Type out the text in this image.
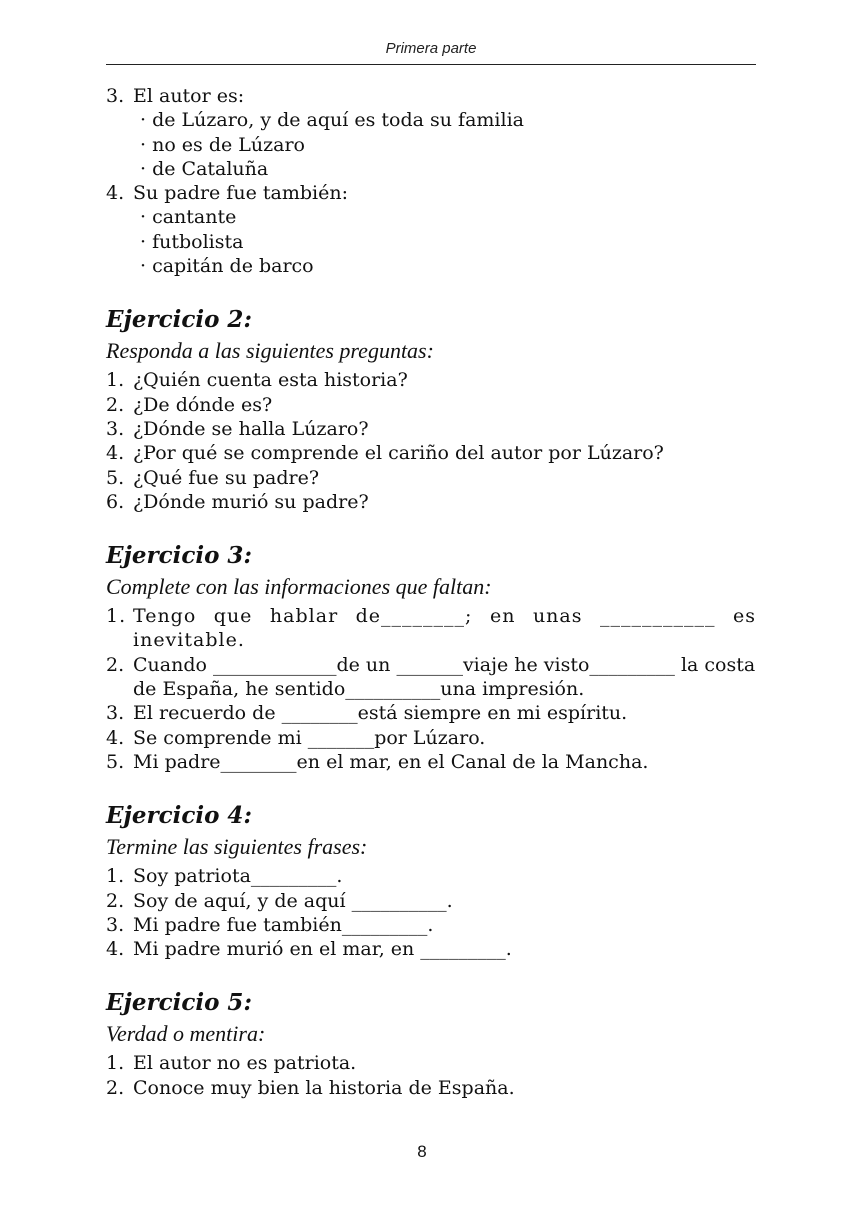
Primera parte
3. El autor es:
· de Lúzaro, y de aquí es toda su familia
· no es de Lúzaro
· de Cataluña
4. Su padre fue también:
· cantante
· futbolista
· capitán de barco
Ejercicio 2:
Responda a las siguientes preguntas:
1. ¿Quién cuenta esta historia?
2. ¿De dónde es?
3. ¿Dónde se halla Lúzaro?
4. ¿Por qué se comprende el cariño del autor por Lúzaro?
5. ¿Qué fue su padre?
6. ¿Dónde murió su padre?
Ejercicio 3:
Complete con las informaciones que faltan:
1. Tengo que hablar de________; en unas ___________ es inevitable.
2. Cuando _____________de un _______viaje he visto_________ la costa de España, he sentido__________una impresión.
3. El recuerdo de ________está siempre en mi espíritu.
4. Se comprende mi _______por Lúzaro.
5. Mi padre________en el mar, en el Canal de la Mancha.
Ejercicio 4:
Termine las siguientes frases:
1. Soy patriota_________.
2. Soy de aquí, y de aquí __________.
3. Mi padre fue también_________.
4. Mi padre murió en el mar, en _________.
Ejercicio 5:
Verdad o mentira:
1. El autor no es patriota.
2. Conoce muy bien la historia de España.
8
